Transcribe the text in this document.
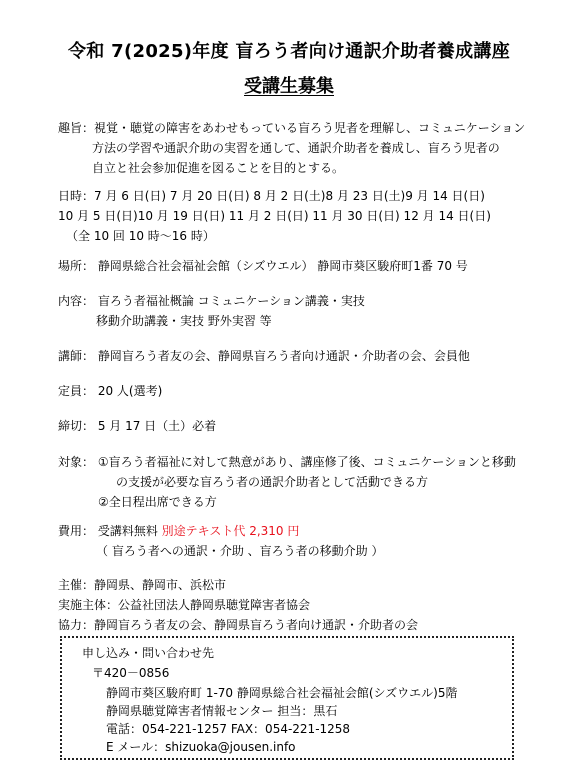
令和 7(2025)年度 盲ろう者向け通訳介助者養成講座
受講生募集
趣旨：視覚・聴覚の障害をあわせもっている盲ろう児者を理解し、コミュニケーション
方法の学習や通訳介助の実習を通して、通訳介助者を養成し、盲ろう児者の
自立と社会参加促進を図ることを目的とする。
日時：7 月 6 日(日) 7 月 20 日(日) 8 月 2 日(土)8 月 23 日(土)9 月 14 日(日)
10 月 5 日(日)10 月 19 日(日) 11 月 2 日(日) 11 月 30 日(日) 12 月 14 日(日)
（全 10 回 10 時～16 時）
場所： 静岡県総合社会福祉会館（シズウエル） 静岡市葵区駿府町1番 70 号
内容： 盲ろう者福祉概論 コミュニケーション講義・実技
移動介助講義・実技 野外実習 等
講師： 静岡盲ろう者友の会、静岡県盲ろう者向け通訳・介助者の会、会員他
定員： 20 人(選考)
締切： 5 月 17 日（土）必着
対象： ①盲ろう者福祉に対して熱意があり、講座修了後、コミュニケーションと移動
の支援が必要な盲ろう者の通訳介助者として活動できる方
②全日程出席できる方
費用： 受講料無料 別途テキスト代 2,310 円
（ 盲ろう者への通訳・介助 、盲ろう者の移動介助 ）
主催：静岡県、静岡市、浜松市
実施主体：公益社団法人静岡県聴覚障害者協会
協力：静岡盲ろう者友の会、静岡県盲ろう者向け通訳・介助者の会
申し込み・問い合わせ先
〒420－0856
静岡市葵区駿府町 1-70 静岡県総合社会福祉会館(シズウエル)5階
静岡県聴覚障害者情報センター 担当：黒石
電話：054-221-1257 FAX：054-221-1258
E メール：shizuoka@jousen.info
